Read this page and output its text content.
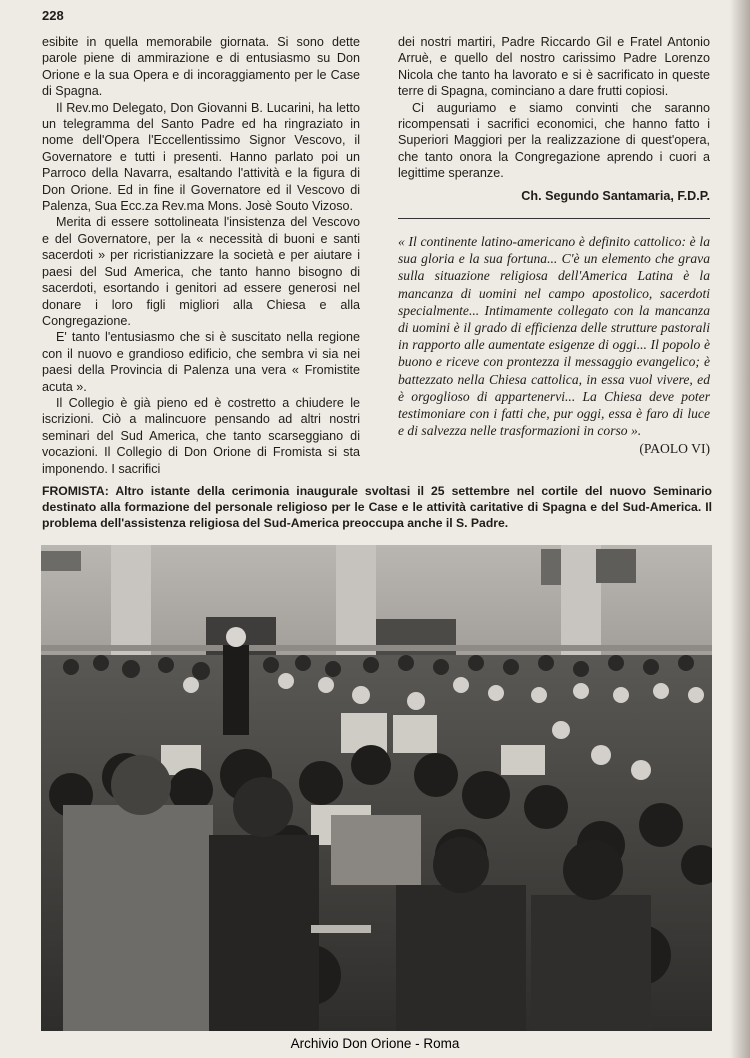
228

esibite in quella memorabile giornata. Si sono dette parole piene di ammirazione e di entusiasmo su Don Orione e la sua Opera e di incoraggiamento per le Case di Spagna.

Il Rev.mo Delegato, Don Giovanni B. Lucarini, ha letto un telegramma del Santo Padre ed ha ringraziato in nome dell'Opera l'Eccellentissimo Signor Vescovo, il Governatore e tutti i presenti. Hanno parlato poi un Parroco della Navarra, esaltando l'attività e la figura di Don Orione. Ed in fine il Governatore ed il Vescovo di Palenza, Sua Ecc.za Rev.ma Mons. Josè Souto Vizoso.

Merita di essere sottolineata l'insistenza del Vescovo e del Governatore, per la « necessità di buoni e santi sacerdoti » per ricristianizzare la società e per aiutare i paesi del Sud America, che tanto hanno bisogno di sacerdoti, esortando i genitori ad essere generosi nel donare i loro figli migliori alla Chiesa e alla Congregazione.

E' tanto l'entusiasmo che si è suscitato nella regione con il nuovo e grandioso edificio, che sembra vi sia nei paesi della Provincia di Palenza una vera « Fromistite acuta ».

Il Collegio è già pieno ed è costretto a chiudere le iscrizioni. Ciò a malincuore pensando ad altri nostri seminari del Sud America, che tanto scarseggiano di vocazioni. Il Collegio di Don Orione di Fromista si sta imponendo. I sacrifici

dei nostri martiri, Padre Riccardo Gil e Fratel Antonio Arruè, e quello del nostro carissimo Padre Lorenzo Nicola che tanto ha lavorato e si è sacrificato in queste terre di Spagna, cominciano a dare frutti copiosi.

Ci auguriamo e siamo convinti che saranno ricompensati i sacrifici economici, che hanno fatto i Superiori Maggiori per la realizzazione di quest'opera, che tanto onora la Congregazione aprendo i cuori a legittime speranze.

Ch. Segundo Santamaria, F.D.P.

« Il continente latino-americano è definito cattolico: è la sua gloria e la sua fortuna... C'è un elemento che grava sulla situazione religiosa dell'America Latina è la mancanza di uomini nel campo apostolico, sacerdoti specialmente... Intimamente collegato con la mancanza di uomini è il grado di efficienza delle strutture pastorali in rapporto alle aumentate esigenze di oggi... Il popolo è buono e riceve con prontezza il messaggio evangelico; è battezzato nella Chiesa cattolica, in essa vuol vivere, ed è orgoglioso di appartenervi... La Chiesa deve poter testimoniare con i fatti che, pur oggi, essa è faro di luce e di salvezza nelle trasformazioni in corso ».
(PAOLO VI)

FROMISTA: Altro istante della cerimonia inaugurale svoltasi il 25 settembre nel cortile del nuovo Seminario destinato alla formazione del personale religioso per le Case e le attività caritative di Spagna e del Sud-America. Il problema dell'assistenza religiosa del Sud-America preoccupa anche il S. Padre.
Archivio Don Orione - Roma
